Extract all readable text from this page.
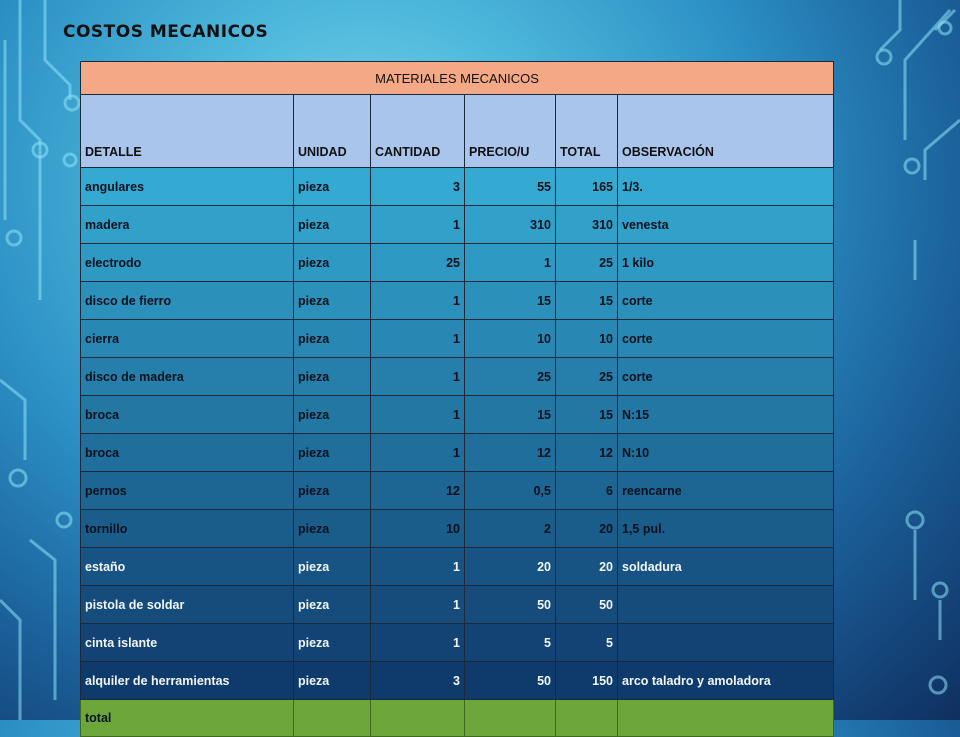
COSTOS MECANICOS
MATERIALES MECANICOS					
DETALLE	UNIDAD	CANTIDAD	PRECIO/U	TOTAL	OBSERVACIÓN
angulares	pieza	3	55	165	1/3.
madera	pieza	1	310	310	venesta
electrodo	pieza	25	1	25	1 kilo
disco de fierro	pieza	1	15	15	corte
cierra	pieza	1	10	10	corte
disco de madera	pieza	1	25	25	corte
broca	pieza	1	15	15	N:15
broca	pieza	1	12	12	N:10
pernos	pieza	12	0,5	6	reencarne
tornillo	pieza	10	2	20	1,5 pul.
estaño	pieza	1	20	20	soldadura
pistola de soldar	pieza	1	50	50	
cinta islante	pieza	1	5	5	
alquiler de herramientas	pieza	3	50	150	arco taladro y amoladora
total					
